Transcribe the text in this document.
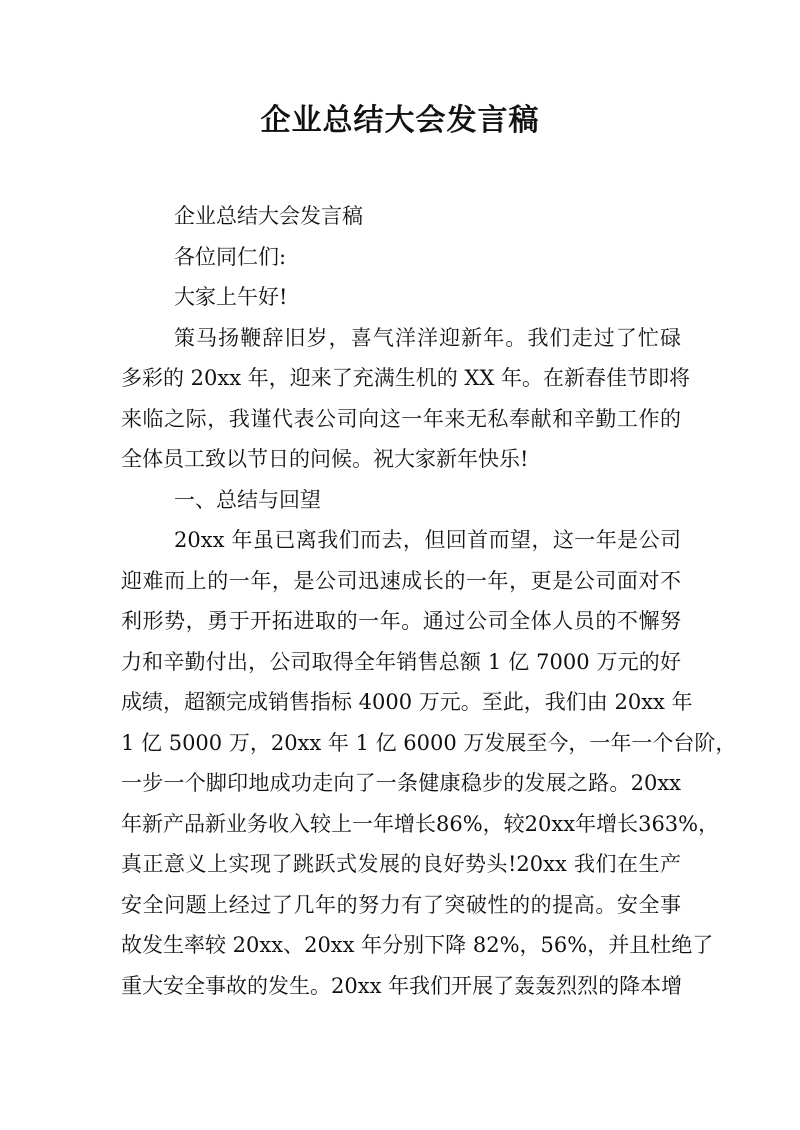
企业总结大会发言稿
企业总结大会发言稿
各位同仁们:
大家上午好!
策马扬鞭辞旧岁，喜气洋洋迎新年。我们走过了忙碌
多彩的 20xx 年，迎来了充满生机的 XX 年。在新春佳节即将
来临之际，我谨代表公司向这一年来无私奉献和辛勤工作的
全体员工致以节日的问候。祝大家新年快乐!
一、总结与回望
20xx 年虽已离我们而去，但回首而望，这一年是公司
迎难而上的一年，是公司迅速成长的一年，更是公司面对不
利形势，勇于开拓进取的一年。通过公司全体人员的不懈努
力和辛勤付出，公司取得全年销售总额 1 亿 7000 万元的好
成绩，超额完成销售指标 4000 万元。至此，我们由 20xx 年
1 亿 5000 万，20xx 年 1 亿 6000 万发展至今，一年一个台阶，
一步一个脚印地成功走向了一条健康稳步的发展之路。20xx
年新产品新业务收入较上一年增长86%，较20xx年增长363%，
真正意义上实现了跳跃式发展的良好势头!20xx 我们在生产
安全问题上经过了几年的努力有了突破性的的提高。安全事
故发生率较 20xx、20xx 年分别下降 82%，56%，并且杜绝了
重大安全事故的发生。20xx 年我们开展了轰轰烈烈的降本增
